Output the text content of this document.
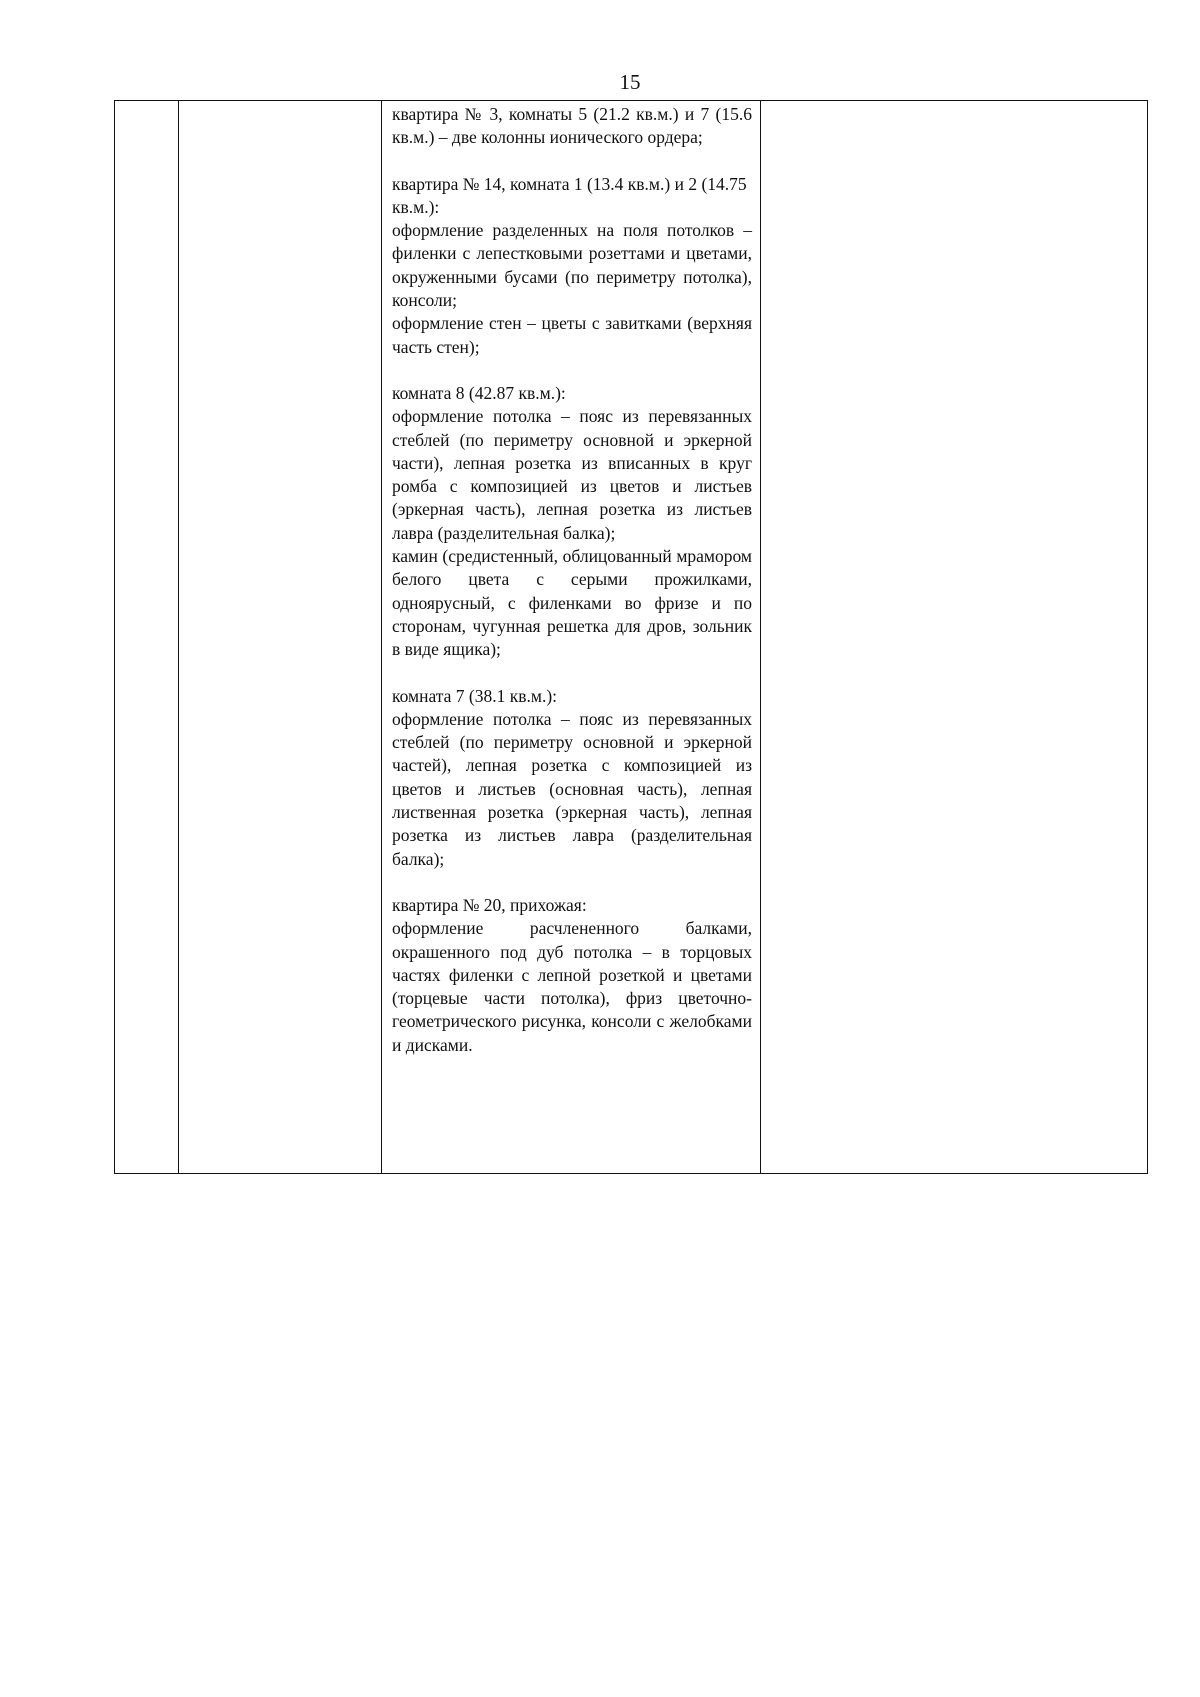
15

квартира № 3, комнаты 5 (21.2 кв.м.) и 7 (15.6 кв.м.) – две колонны ионического ордера;

квартира № 14, комната 1 (13.4 кв.м.) и 2 (14.75 кв.м.):

оформление разделенных на поля потолков – филенки с лепестковыми розеттами и цветами, окруженными бусами (по периметру потолка), консоли;

оформление стен – цветы с завитками (верхняя часть стен);

комната 8 (42.87 кв.м.):

оформление потолка – пояс из перевязанных стеблей (по периметру основной и эркерной части), лепная розетка из вписанных в круг ромба с композицией из цветов и листьев (эркерная часть), лепная розетка из листьев лавра (разделительная балка);

камин (средистенный, облицованный мрамором белого цвета с серыми прожилками, одноярусный, с филенками во фризе и по сторонам, чугунная решетка для дров, зольник в виде ящика);

комната 7 (38.1 кв.м.):

оформление потолка – пояс из перевязанных стеблей (по периметру основной и эркерной частей), лепная розетка с композицией из цветов и листьев (основная часть), лепная лиственная розетка (эркерная часть), лепная розетка из листьев лавра (разделительная балка);

квартира № 20, прихожая:

оформление расчлененного балками, окрашенного под дуб потолка – в торцовых частях филенки с лепной розеткой и цветами (торцевые части потолка), фриз цветочно-геометрического рисунка, консоли с желобками и дисками.
